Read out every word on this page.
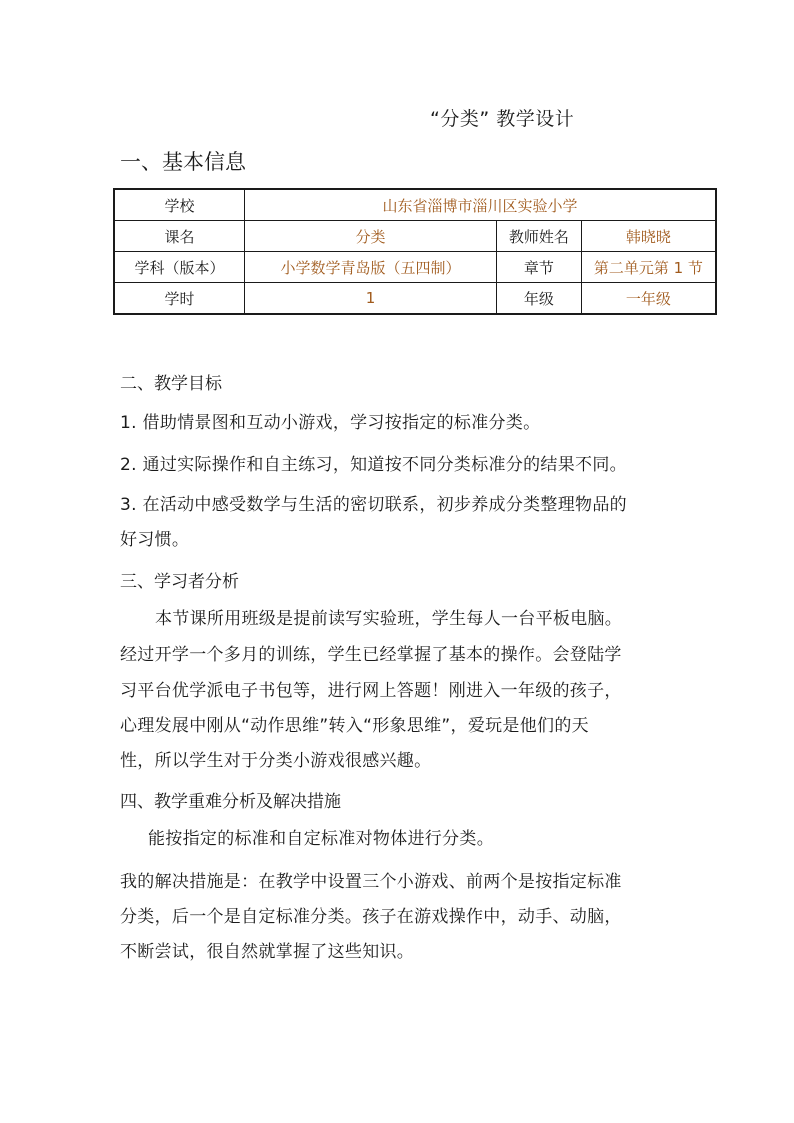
“分类” 教学设计
一、基本信息
学校	山东省淄博市淄川区实验小学		
课名	分类	教师姓名	韩晓晓
学科（版本）	小学数学青岛版（五四制）	章节	第二单元第 1 节
学时	1	年级	一年级
二、教学目标
1. 借助情景图和互动小游戏，学习按指定的标准分类。
2. 通过实际操作和自主练习，知道按不同分类标准分的结果不同。
3. 在活动中感受数学与生活的密切联系，初步养成分类整理物品的
好习惯。
三、学习者分析
本节课所用班级是提前读写实验班，学生每人一台平板电脑。
经过开学一个多月的训练，学生已经掌握了基本的操作。会登陆学
习平台优学派电子书包等，进行网上答题！刚进入一年级的孩子，
心理发展中刚从“动作思维”转入“形象思维”，爱玩是他们的天
性，所以学生对于分类小游戏很感兴趣。
四、教学重难分析及解决措施
能按指定的标准和自定标准对物体进行分类。
我的解决措施是：在教学中设置三个小游戏、前两个是按指定标准
分类，后一个是自定标准分类。孩子在游戏操作中，动手、动脑，
不断尝试，很自然就掌握了这些知识。
